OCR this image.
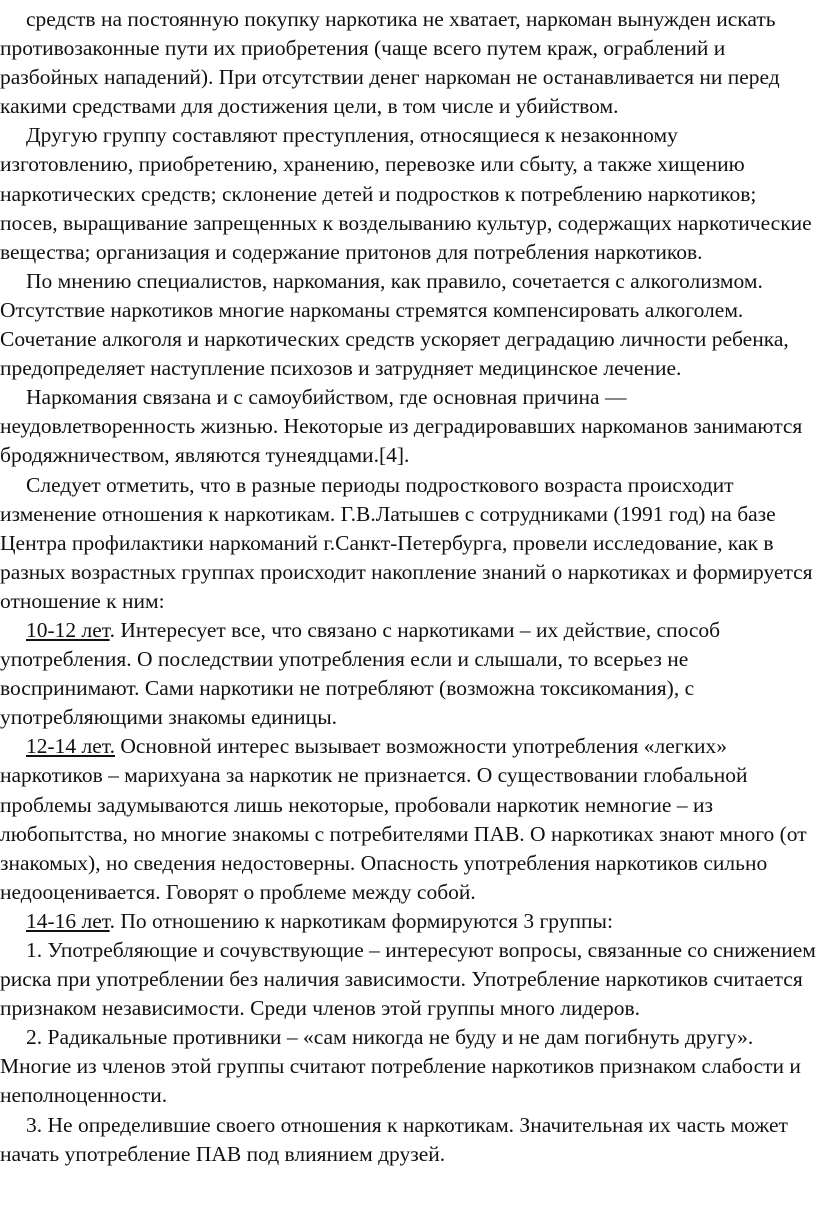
средств на постоянную покупку наркотика не хватает, наркоман вынужден искать противозаконные пути их приобретения (чаще всего путем краж, ограблений и разбойных нападений). При отсутствии денег наркоман не останавливается ни перед какими средствами для достижения цели, в том числе и убийством.

Другую группу составляют преступления, относящиеся к незаконному изготовлению, приобретению, хранению, перевозке или сбыту, а также хищению наркотических средств; склонение детей и подростков к потреблению наркотиков; посев, выращивание запрещенных к возделыванию культур, содержащих наркотические вещества; организация и содержание притонов для потребления наркотиков.

По мнению специалистов, наркомания, как правило, сочетается с алкоголизмом. Отсутствие наркотиков многие наркоманы стремятся компенсировать алкоголем. Сочетание алкоголя и наркотических средств ускоряет деградацию личности ребенка, предопределяет наступление психозов и затрудняет медицинское лечение.

Наркомания связана и с самоубийством, где основная причина — неудовлетворенность жизнью. Некоторые из деградировавших наркоманов занимаются бродяжничеством, являются тунеядцами.[4].

Следует отметить, что в разные периоды подросткового возраста происходит изменение отношения к наркотикам. Г.В.Латышев с сотрудниками (1991 год) на базе Центра профилактики наркоманий г.Санкт-Петербурга, провели исследование, как в разных возрастных группах происходит накопление знаний о наркотиках и формируется отношение к ним:

10-12 лет. Интересует все, что связано с наркотиками – их действие, способ употребления. О последствии употребления если и слышали, то всерьез не воспринимают. Сами наркотики не потребляют (возможна токсикомания), с употребляющими знакомы единицы.

12-14 лет. Основной интерес вызывает возможности употребления «легких» наркотиков – марихуана за наркотик не признается. О существовании глобальной проблемы задумываются лишь некоторые, пробовали наркотик немногие – из любопытства, но многие знакомы с потребителями ПАВ. О наркотиках знают много (от знакомых), но сведения недостоверны. Опасность употребления наркотиков сильно недооценивается. Говорят о проблеме между собой.

14-16 лет. По отношению к наркотикам формируются 3 группы:

1. Употребляющие и сочувствующие – интересуют вопросы, связанные со снижением риска при употреблении без наличия зависимости. Употребление наркотиков считается признаком независимости. Среди членов этой группы много лидеров.

2. Радикальные противники – «сам никогда не буду и не дам погибнуть другу». Многие из членов этой группы считают потребление наркотиков признаком слабости и неполноценности.

3. Не определившие своего отношения к наркотикам. Значительная их часть может начать употребление ПАВ под влиянием друзей.
